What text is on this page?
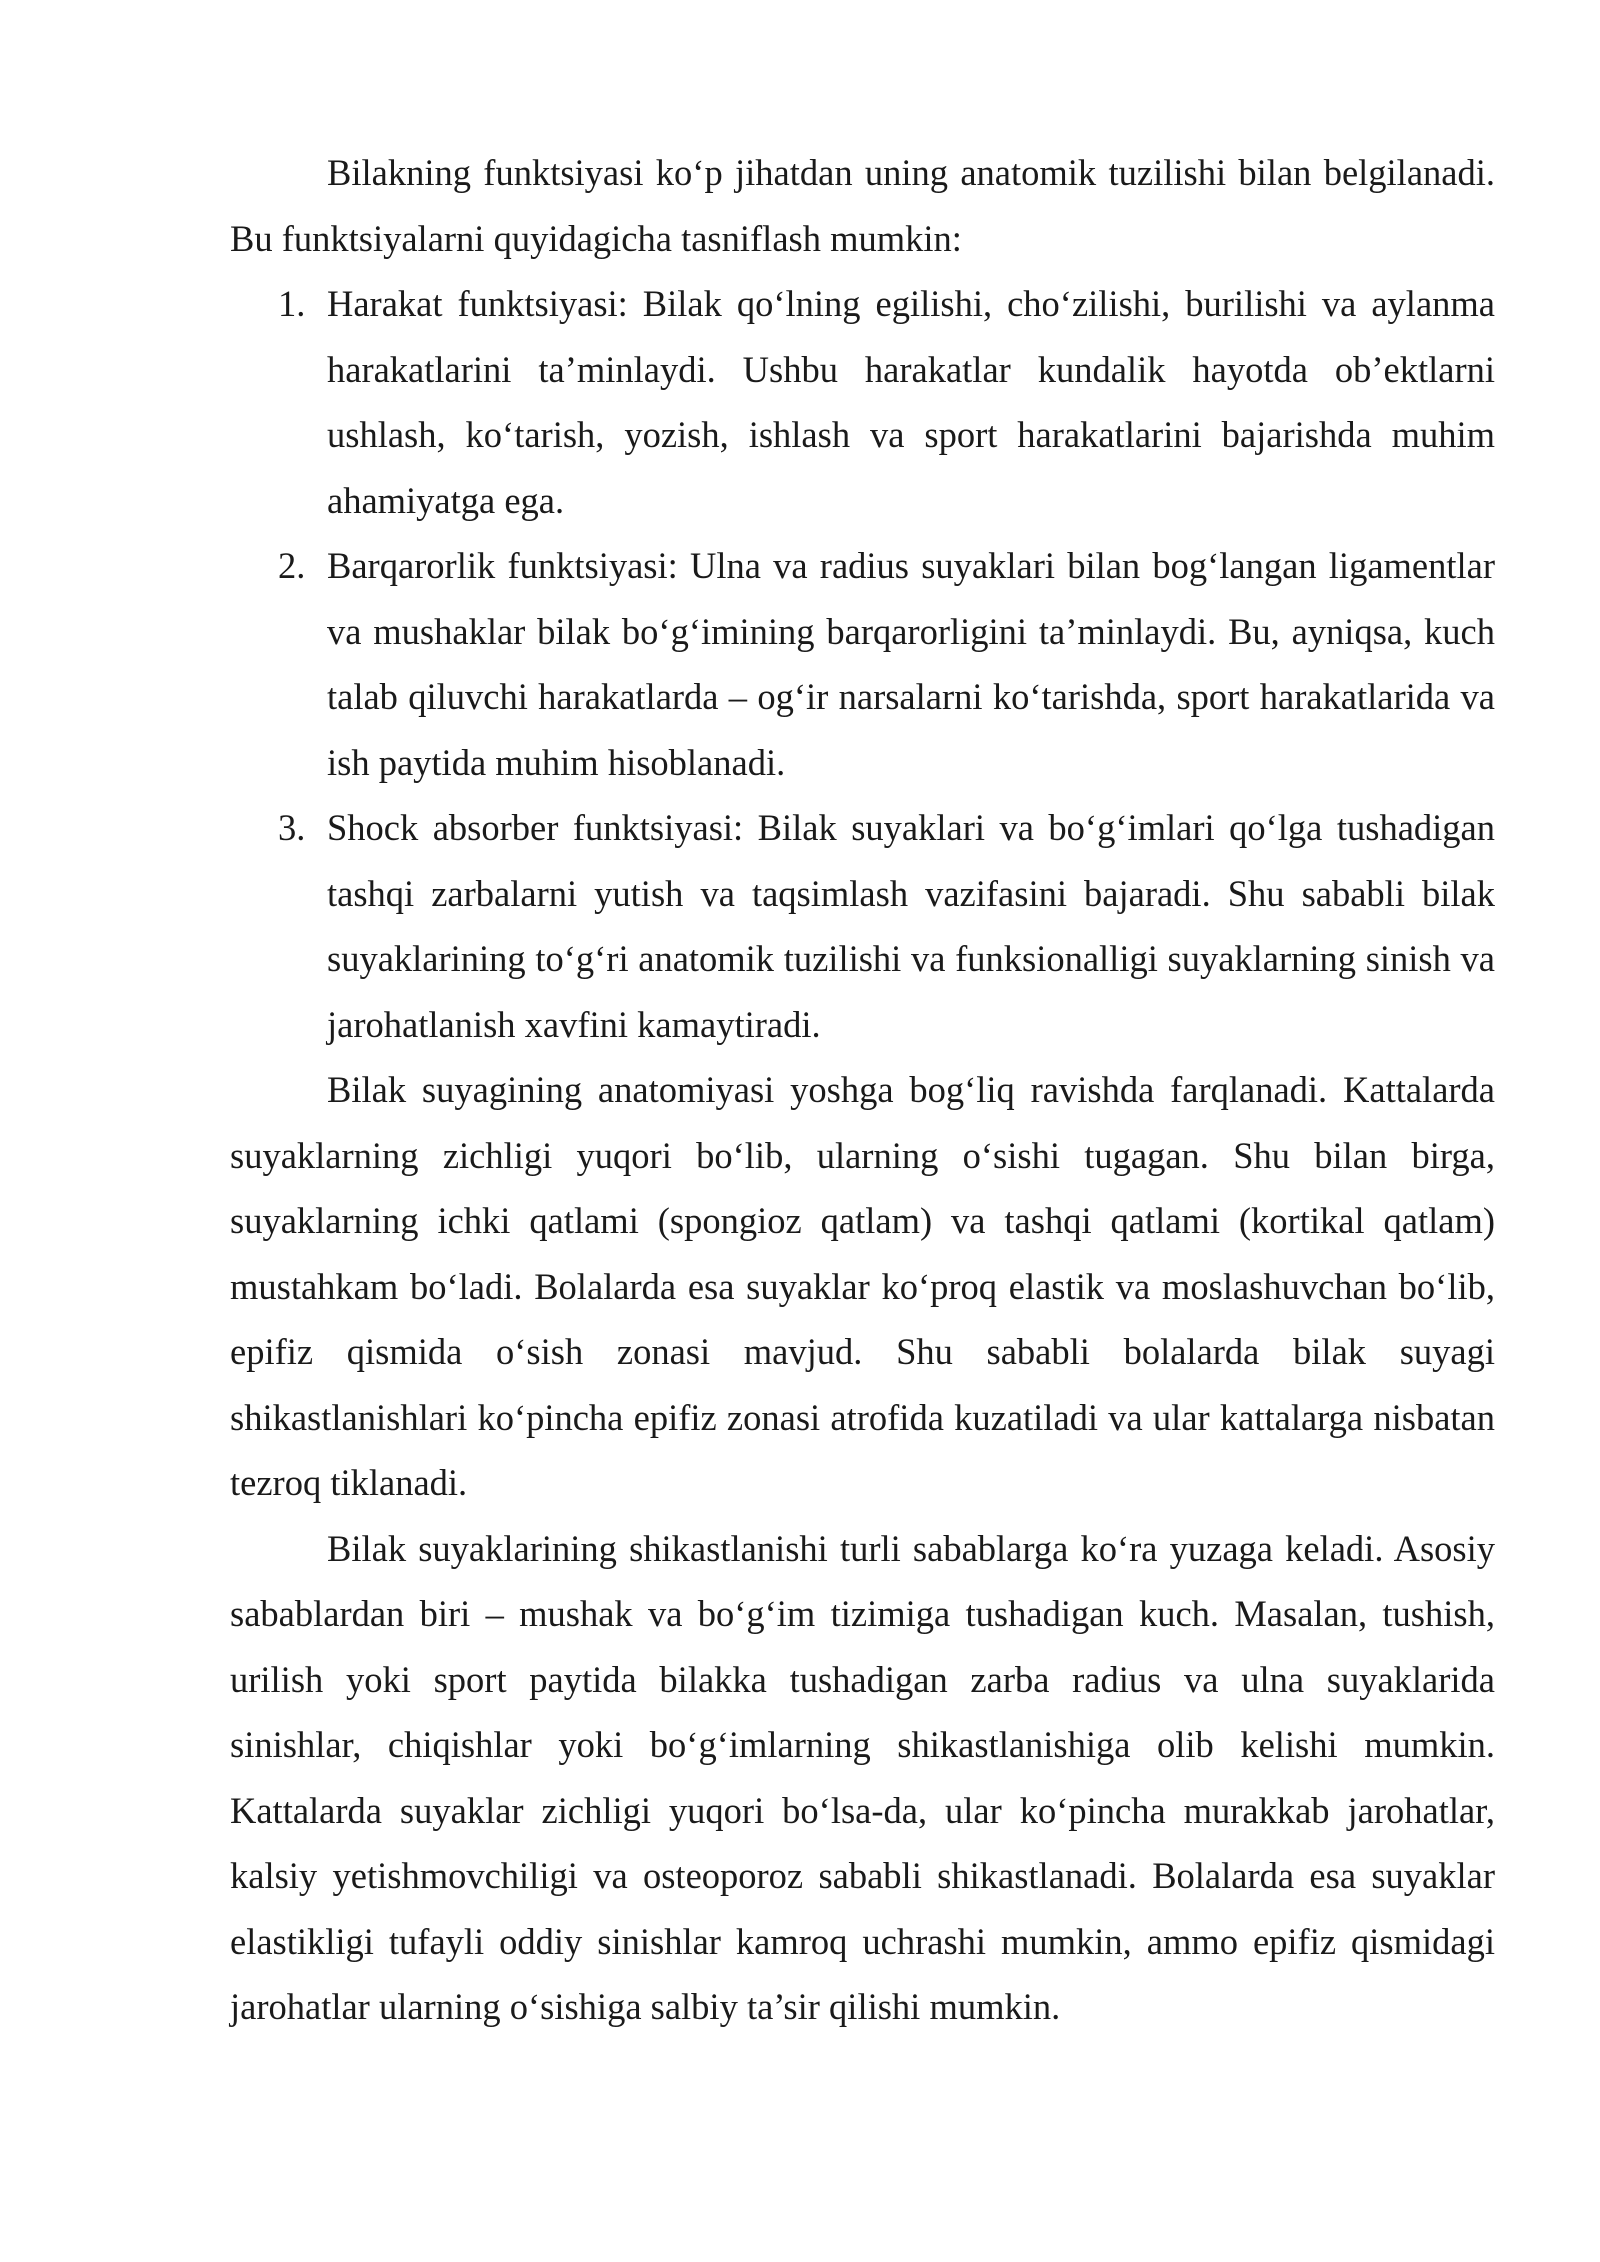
Bilakning funktsiyasi ko‘p jihatdan uning anatomik tuzilishi bilan belgilanadi. Bu funktsiyalarni quyidagicha tasniflash mumkin:

1. Harakat funktsiyasi: Bilak qo‘lning egilishi, cho‘zilishi, burilishi va aylanma harakatlarini ta’minlaydi. Ushbu harakatlar kundalik hayotda ob’ektlarni ushlash, ko‘tarish, yozish, ishlash va sport harakatlarini bajarishda muhim ahamiyatga ega.
2. Barqarorlik funktsiyasi: Ulna va radius suyaklari bilan bog‘langan ligamentlar va mushaklar bilak bo‘g‘imining barqarorligini ta’minlaydi. Bu, ayniqsa, kuch talab qiluvchi harakatlarda – og‘ir narsalarni ko‘tarishda, sport harakatlarida va ish paytida muhim hisoblanadi.
3. Shock absorber funktsiyasi: Bilak suyaklari va bo‘g‘imlari qo‘lga tushadigan tashqi zarbalarni yutish va taqsimlash vazifasini bajaradi. Shu sababli bilak suyaklarining to‘g‘ri anatomik tuzilishi va funksionalligi suyaklarning sinish va jarohatlanish xavfini kamaytiradi.

Bilak suyagining anatomiyasi yoshga bog‘liq ravishda farqlanadi. Kattalarda suyaklarning zichligi yuqori bo‘lib, ularning o‘sishi tugagan. Shu bilan birga, suyaklarning ichki qatlami (spongioz qatlam) va tashqi qatlami (kortikal qatlam) mustahkam bo‘ladi. Bolalarda esa suyaklar ko‘proq elastik va moslashuvchan bo‘lib, epifiz qismida o‘sish zonasi mavjud. Shu sababli bolalarda bilak suyagi shikastlanishlari ko‘pincha epifiz zonasi atrofida kuzatiladi va ular kattalarga nisbatan tezroq tiklanadi.

Bilak suyaklarining shikastlanishi turli sabablarga ko‘ra yuzaga keladi. Asosiy sabablardan biri – mushak va bo‘g‘im tizimiga tushadigan kuch. Masalan, tushish, urilish yoki sport paytida bilakka tushadigan zarba radius va ulna suyaklarida sinishlar, chiqishlar yoki bo‘g‘imlarning shikastlanishiga olib kelishi mumkin. Kattalarda suyaklar zichligi yuqori bo‘lsa-da, ular ko‘pincha murakkab jarohatlar, kalsiy yetishmovchiligi va osteoporoz sababli shikastlanadi. Bolalarda esa suyaklar elastikligi tufayli oddiy sinishlar kamroq uchrashi mumkin, ammo epifiz qismidagi jarohatlar ularning o‘sishiga salbiy ta’sir qilishi mumkin.
